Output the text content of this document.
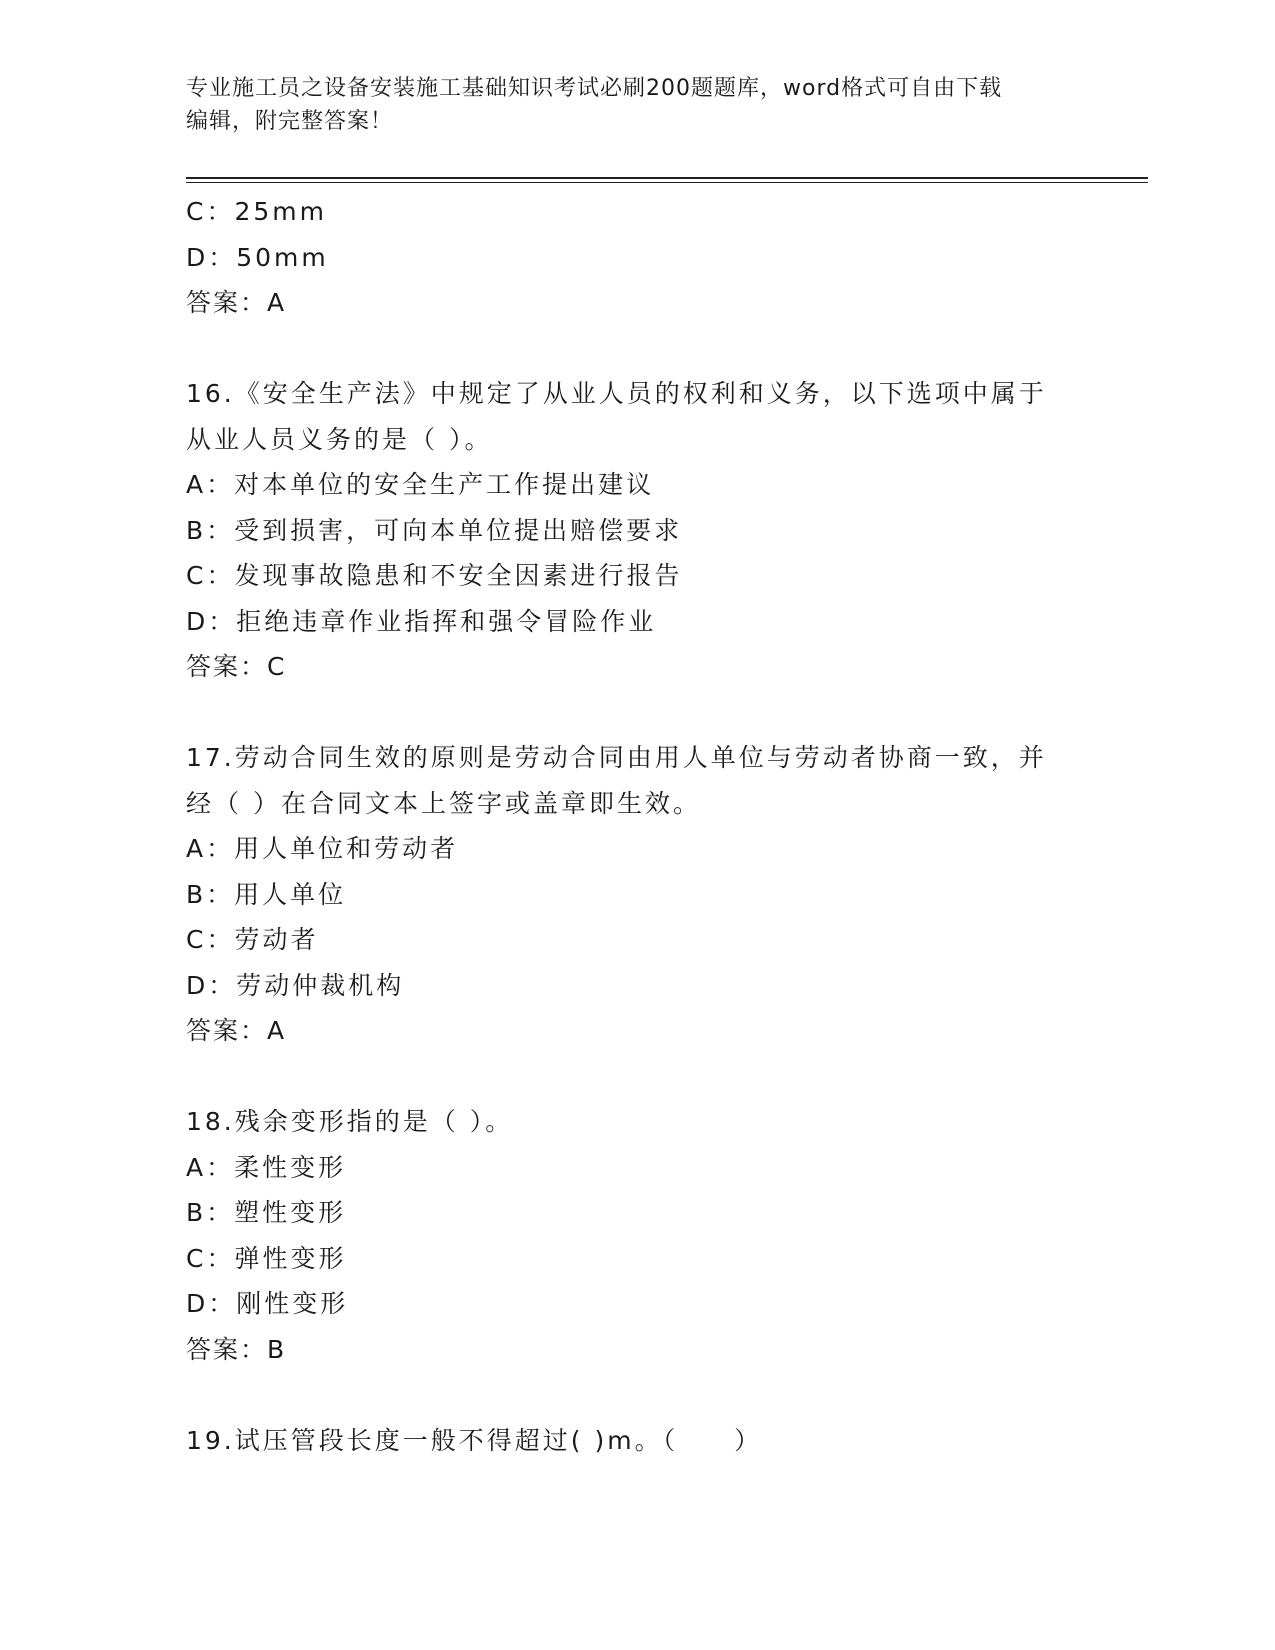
专业施工员之设备安装施工基础知识考试必刷200题题库，word格式可自由下载
编辑，附完整答案！
C：25mm
D：50mm
答案：A
16.《安全生产法》中规定了从业人员的权利和义务，以下选项中属于
从业人员义务的是（ ）。
A：对本单位的安全生产工作提出建议
B：受到损害，可向本单位提出赔偿要求
C：发现事故隐患和不安全因素进行报告
D：拒绝违章作业指挥和强令冒险作业
答案：C
17.劳动合同生效的原则是劳动合同由用人单位与劳动者协商一致，并
经（ ）在合同文本上签字或盖章即生效。
A：用人单位和劳动者
B：用人单位
C：劳动者
D：劳动仲裁机构
答案：A
18.残余变形指的是（ ）。
A：柔性变形
B：塑性变形
C：弹性变形
D：刚性变形
答案：B
19.试压管段长度一般不得超过( )m。（　　）
